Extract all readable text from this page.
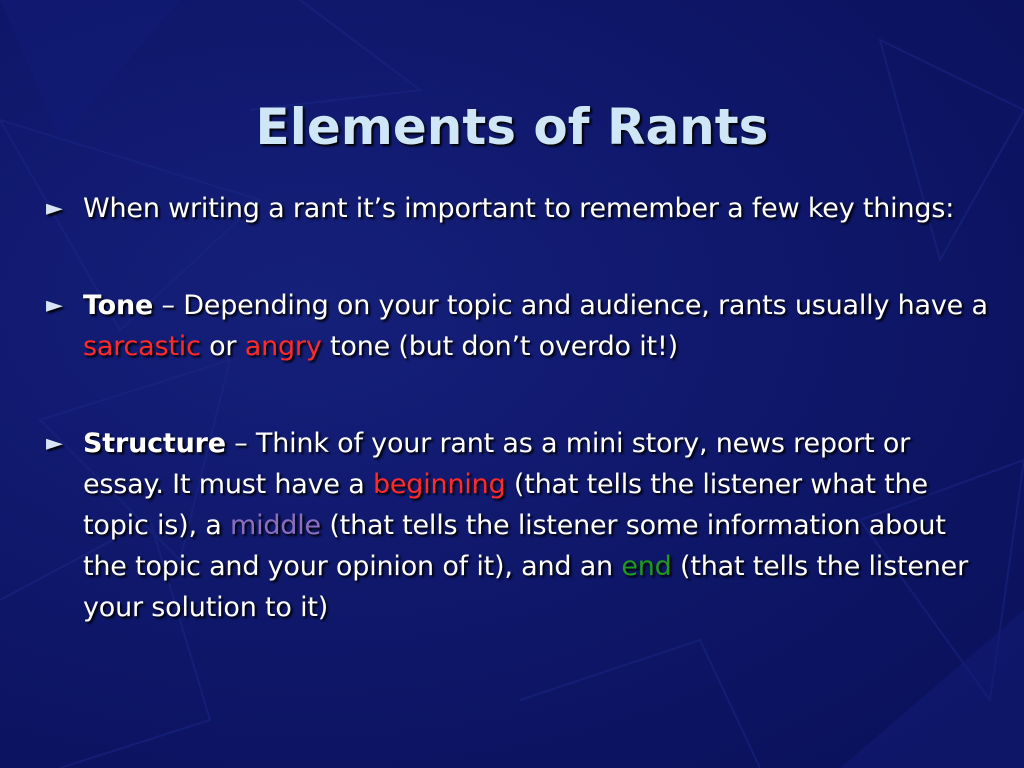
Elements of Rants
► When writing a rant it’s important to remember a few key things:
► Tone – Depending on your topic and audience, rants usually have a sarcastic or angry tone (but don’t overdo it!)
► Structure – Think of your rant as a mini story, news report or essay. It must have a beginning (that tells the listener what the topic is), a middle (that tells the listener some information about the topic and your opinion of it), and an end (that tells the listener your solution to it)
